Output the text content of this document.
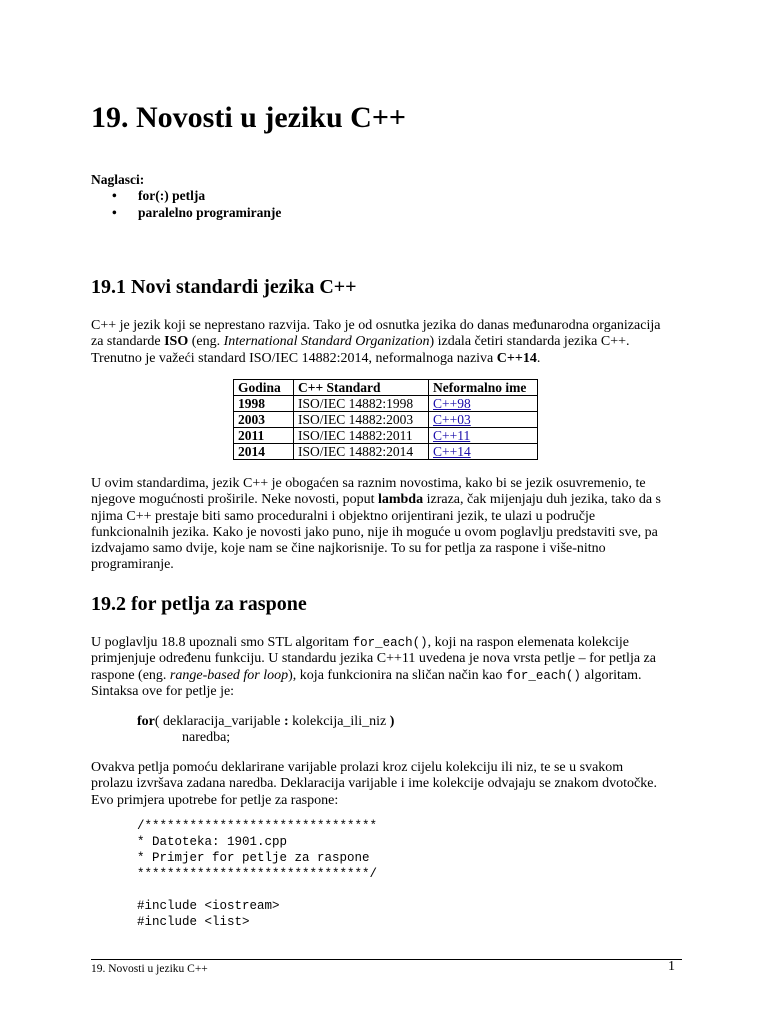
19. Novosti u jeziku C++
Naglasci:
• for(:) petlja
• paralelno programiranje
19.1 Novi standardi jezika C++
C++ je jezik koji se neprestano razvija. Tako je od osnutka jezika do danas međunarodna organizacija
za standarde ISO (eng. International Standard Organization) izdala četiri standarda jezika C++.
Trenutno je važeći standard ISO/IEC 14882:2014, neformalnoga naziva C++14.
Godina	C++ Standard	Neformalno ime
1998	ISO/IEC 14882:1998	C++98
2003	ISO/IEC 14882:2003	C++03
2011	ISO/IEC 14882:2011	C++11
2014	ISO/IEC 14882:2014	C++14
U ovim standardima, jezik C++ je obogaćen sa raznim novostima, kako bi se jezik osuvremenio, te
njegove mogućnosti proširile. Neke novosti, poput lambda izraza, čak mijenjaju duh jezika, tako da s
njima C++ prestaje biti samo proceduralni i objektno orijentirani jezik, te ulazi u područje
funkcionalnih jezika. Kako je novosti jako puno, nije ih moguće u ovom poglavlju predstaviti sve, pa
izdvajamo samo dvije, koje nam se čine najkorisnije. To su for petlja za raspone i više-nitno
programiranje.
19.2 for petlja za raspone
U poglavlju 18.8 upoznali smo STL algoritam for_each(), koji na raspon elemenata kolekcije
primjenjuje određenu funkciju. U standardu jezika C++11 uvedena je nova vrsta petlje – for petlja za
raspone (eng. range-based for loop), koja funkcionira na sličan način kao for_each() algoritam.
Sintaksa ove for petlje je:
for( deklaracija_varijable : kolekcija_ili_niz )
naredba;
Ovakva petlja pomoću deklarirane varijable prolazi kroz cijelu kolekciju ili niz, te se u svakom
prolazu izvršava zadana naredba. Deklaracija varijable i ime kolekcije odvajaju se znakom dvotočke.
Evo primjera upotrebe for petlje za raspone:
/*******************************
* Datoteka: 1901.cpp
* Primjer for petlje za raspone
*******************************/
#include <iostream>
#include <list>
19. Novosti u jeziku C++	1
